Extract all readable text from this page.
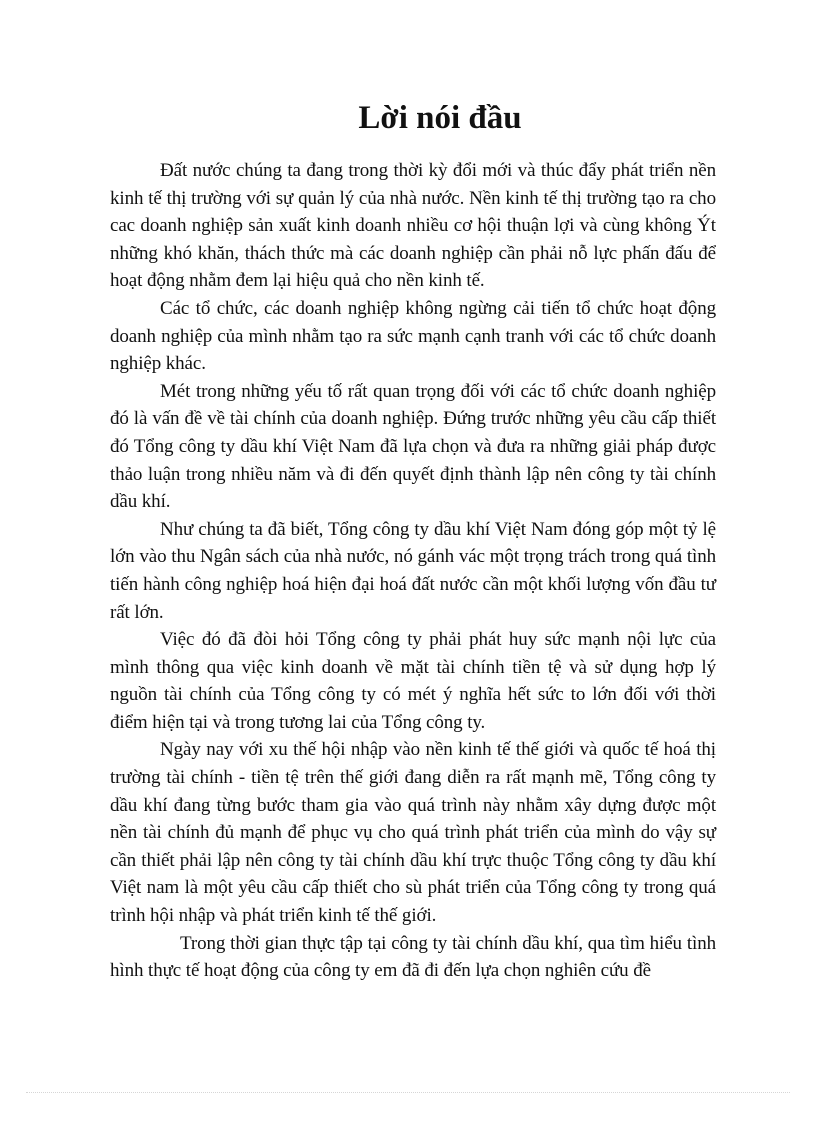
Lời nói đầu

Đất nước chúng ta đang trong thời kỳ đổi mới và thúc đẩy phát triển nền kinh tế thị trường với sự quản lý của nhà nước. Nền kinh tế thị trường tạo ra cho cac doanh nghiệp sản xuất kinh doanh nhiều cơ hội thuận lợi và cùng không Ýt những khó khăn, thách thức mà các doanh nghiệp cần phải nỗ lực phấn đấu để hoạt động nhằm đem lại hiệu quả cho nền kinh tế.

Các tổ chức, các doanh nghiệp không ngừng cải tiến tổ chức hoạt động doanh nghiệp của mình nhằm tạo ra sức mạnh cạnh tranh với các tổ chức doanh nghiệp khác.

Mét trong những yếu tố rất quan trọng đối với các tổ chức doanh nghiệp đó là vấn đề về tài chính của doanh nghiệp. Đứng trước những yêu cầu cấp thiết đó Tổng công ty dầu khí Việt Nam đã lựa chọn và đưa ra những giải pháp được thảo luận trong nhiều năm và đi đến quyết định thành lập nên công ty tài chính dầu khí.

Như chúng ta đã biết, Tổng công ty dầu khí Việt Nam đóng góp một tỷ lệ lớn vào thu Ngân sách của nhà nước, nó gánh vác một trọng trách trong quá tình tiến hành công nghiệp hoá hiện đại hoá đất nước cần một khối lượng vốn đầu tư rất lớn.

Việc đó đã đòi hỏi Tổng công ty phải phát huy sức mạnh nội lực của mình thông qua việc kinh doanh về mặt tài chính tiền tệ và sử dụng hợp lý nguồn tài chính của Tổng công ty có mét ý nghĩa hết sức to lớn đối với thời điểm hiện tại và trong tương lai của Tổng công ty.

Ngày nay với xu thế hội nhập vào nền kinh tế thế giới và quốc tế hoá thị trường tài chính - tiền tệ trên thế giới đang diễn ra rất mạnh mẽ, Tổng công ty dầu khí đang từng bước tham gia vào quá trình này nhằm xây dựng được một nền tài chính đủ mạnh để phục vụ cho quá trình phát triển của mình do vậy sự cần thiết phải lập nên công ty tài chính dầu khí trực thuộc Tổng công ty dầu khí Việt nam là một yêu cầu cấp thiết cho sù phát triển của Tổng công ty trong quá trình hội nhập và phát triển kinh tế thế giới.

Trong thời gian thực tập tại công ty tài chính dầu khí, qua tìm hiểu tình hình thực tế hoạt động của công ty em đã đi đến lựa chọn nghiên cứu đề
